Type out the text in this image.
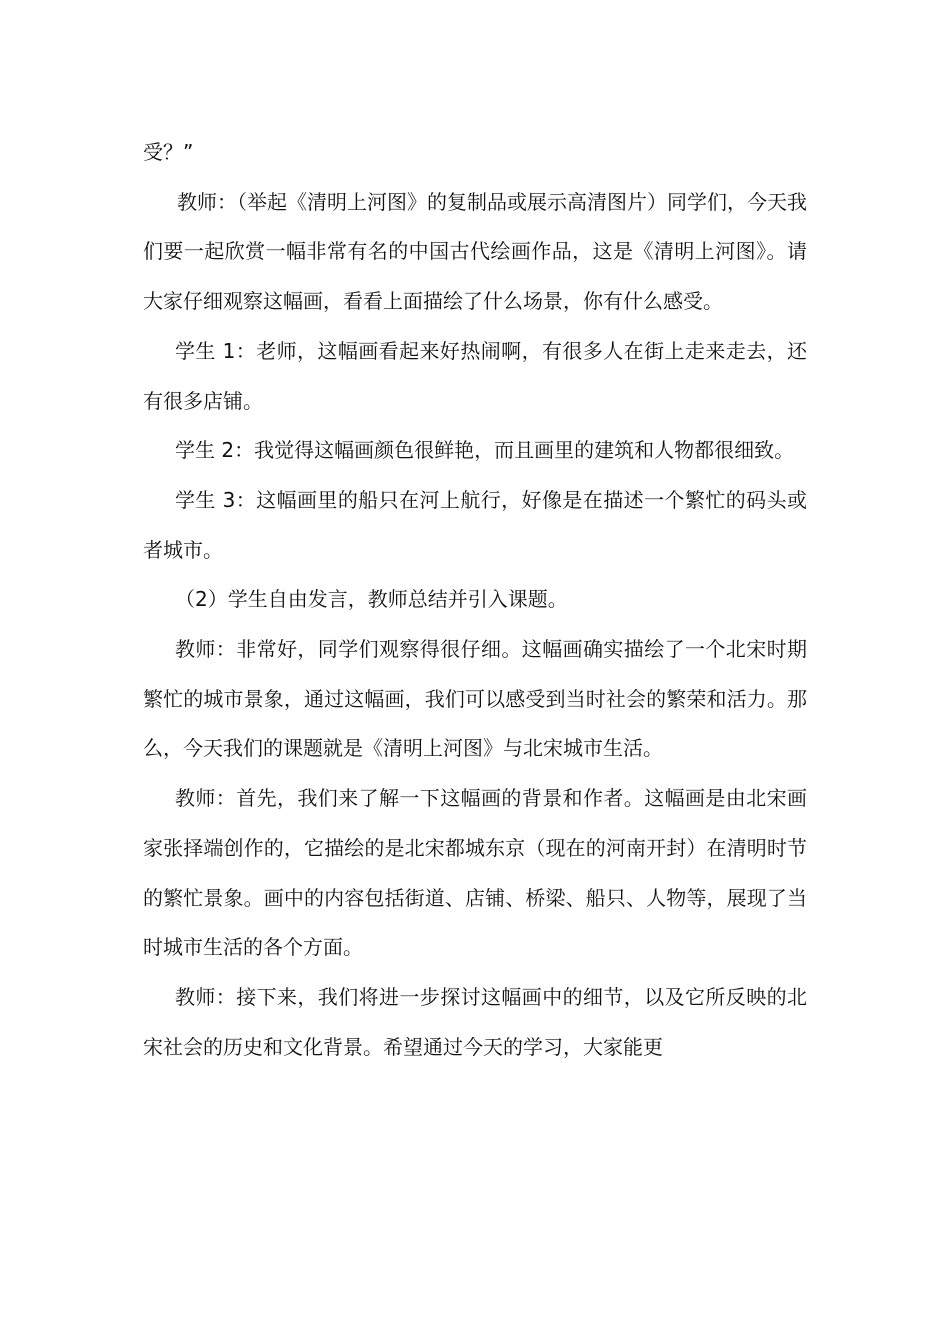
受？”

教师：（举起《清明上河图》的复制品或展示高清图片）同学们，今天我们要一起欣赏一幅非常有名的中国古代绘画作品，这是《清明上河图》。请大家仔细观察这幅画，看看上面描绘了什么场景，你有什么感受。

学生 1：老师，这幅画看起来好热闹啊，有很多人在街上走来走去，还有很多店铺。

学生 2：我觉得这幅画颜色很鲜艳，而且画里的建筑和人物都很细致。

学生 3：这幅画里的船只在河上航行，好像是在描述一个繁忙的码头或者城市。

（2）学生自由发言，教师总结并引入课题。

教师：非常好，同学们观察得很仔细。这幅画确实描绘了一个北宋时期繁忙的城市景象，通过这幅画，我们可以感受到当时社会的繁荣和活力。那么，今天我们的课题就是《清明上河图》与北宋城市生活。

教师：首先，我们来了解一下这幅画的背景和作者。这幅画是由北宋画家张择端创作的，它描绘的是北宋都城东京（现在的河南开封）在清明时节的繁忙景象。画中的内容包括街道、店铺、桥梁、船只、人物等，展现了当时城市生活的各个方面。

教师：接下来，我们将进一步探讨这幅画中的细节，以及它所反映的北宋社会的历史和文化背景。希望通过今天的学习，大家能更
